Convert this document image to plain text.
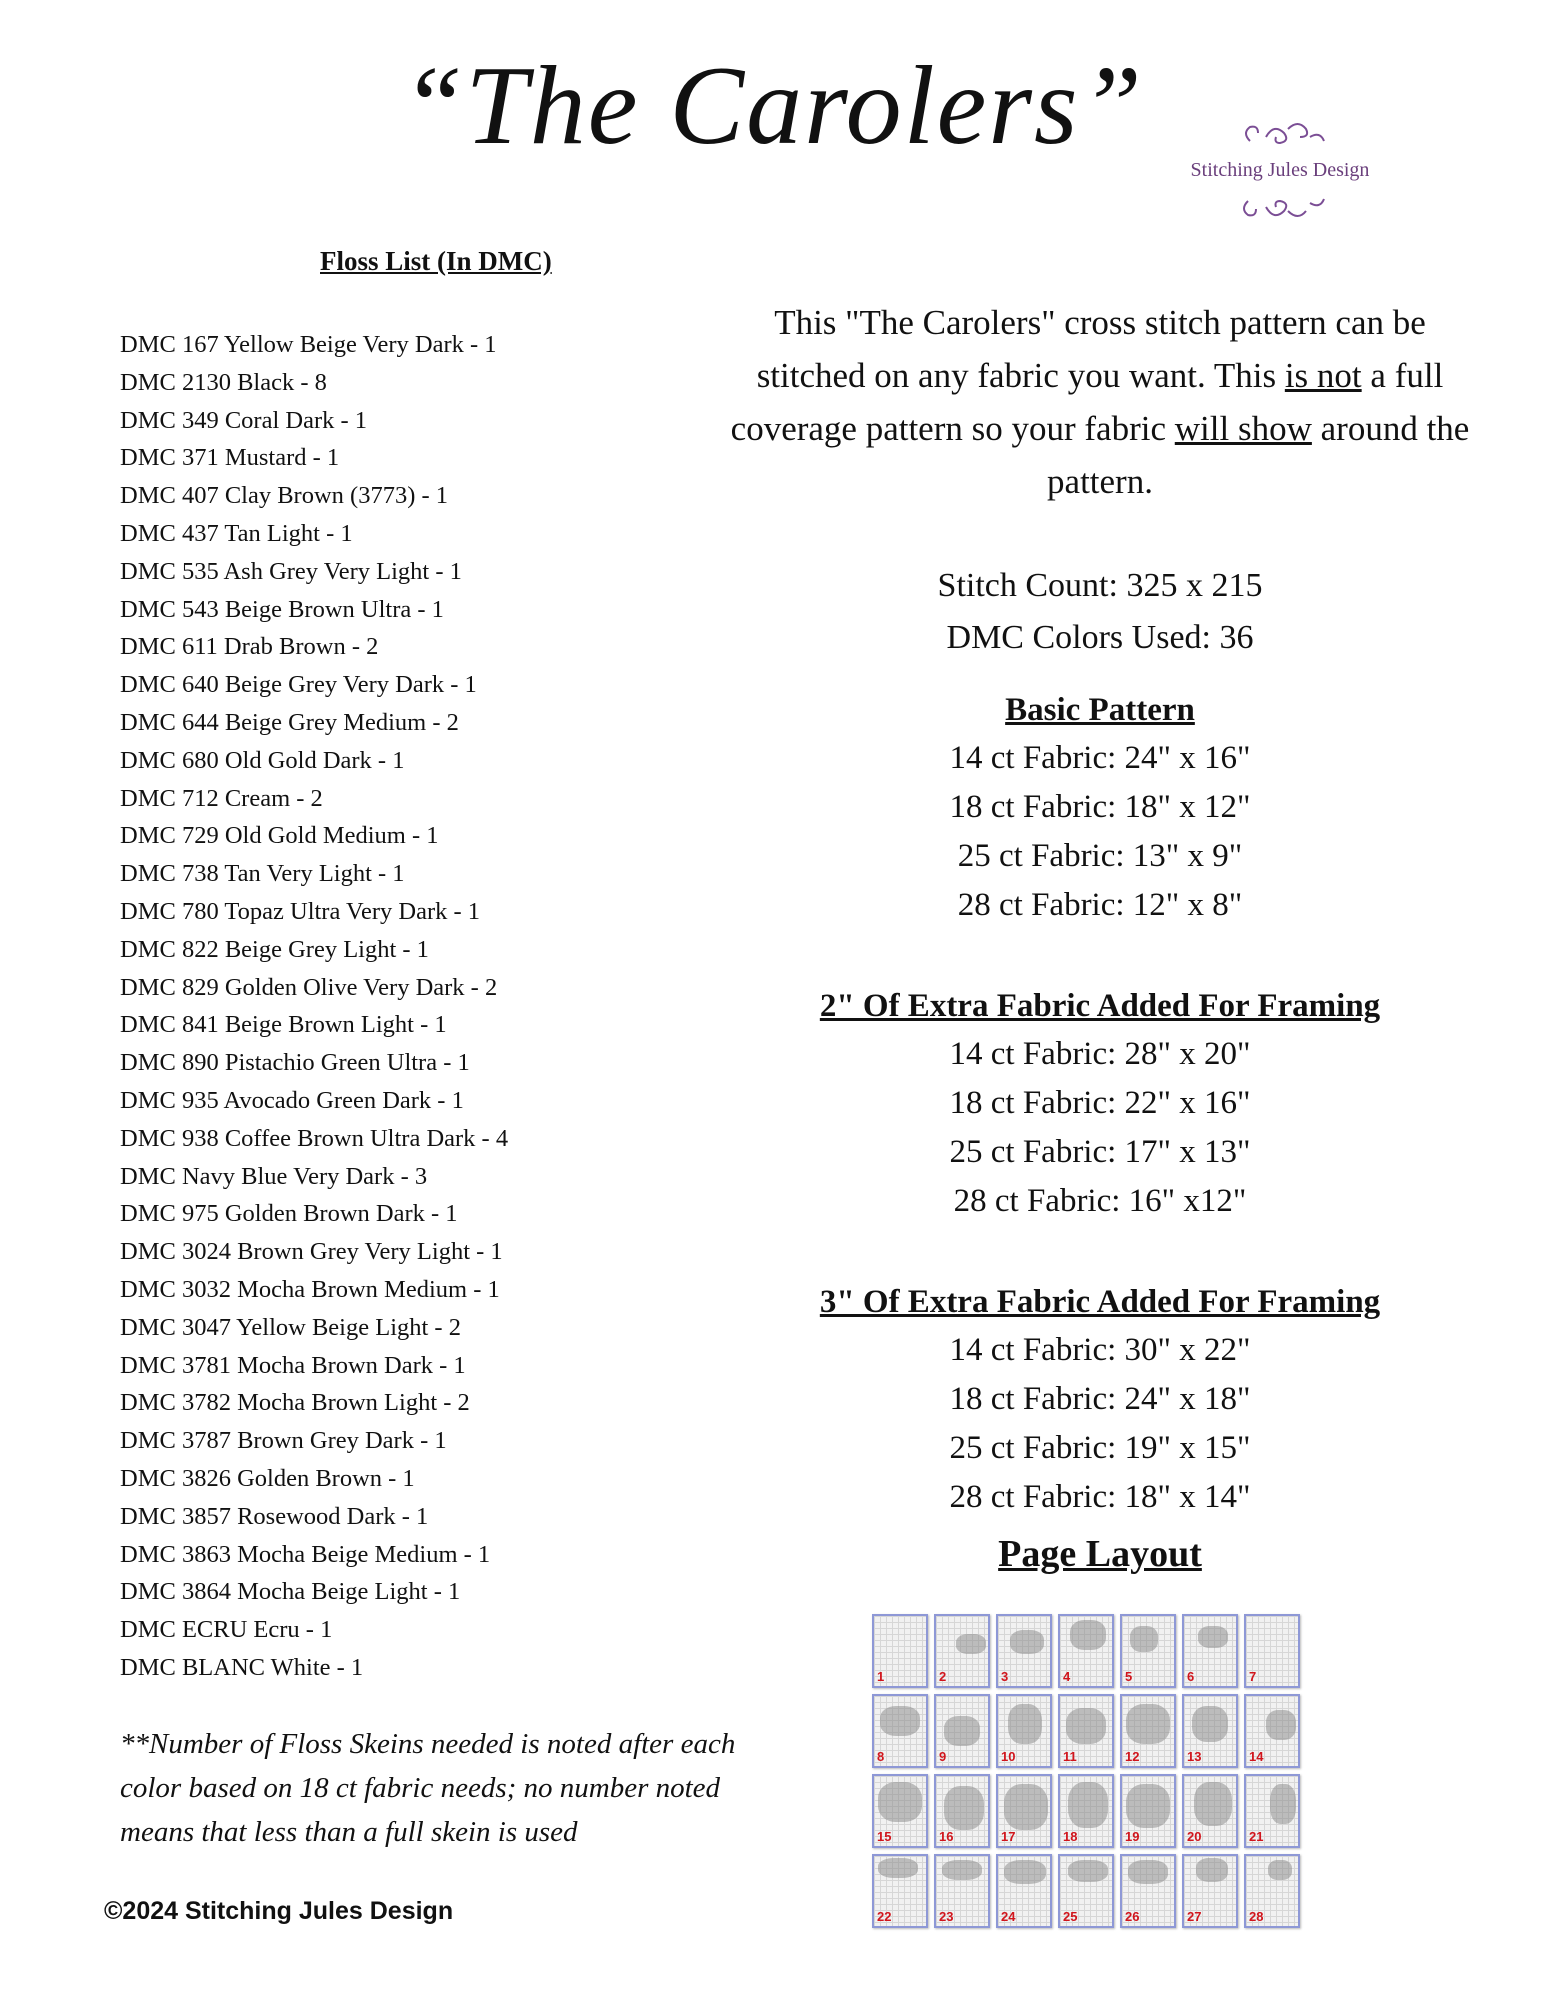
“The Carolers”
Stitching Jules Design
Floss List (In DMC)
DMC 167 Yellow Beige Very Dark - 1
DMC 2130 Black - 8
DMC 349 Coral Dark - 1
DMC 371 Mustard - 1
DMC 407 Clay Brown (3773) - 1
DMC 437 Tan Light - 1
DMC 535 Ash Grey Very Light - 1
DMC 543 Beige Brown Ultra - 1
DMC 611 Drab Brown - 2
DMC 640 Beige Grey Very Dark - 1
DMC 644 Beige Grey Medium - 2
DMC 680 Old Gold Dark - 1
DMC 712 Cream - 2
DMC 729 Old Gold Medium - 1
DMC 738 Tan Very Light - 1
DMC 780 Topaz Ultra Very Dark - 1
DMC 822 Beige Grey Light - 1
DMC 829 Golden Olive Very Dark - 2
DMC 841 Beige Brown Light - 1
DMC 890 Pistachio Green Ultra - 1
DMC 935 Avocado Green Dark - 1
DMC 938 Coffee Brown Ultra Dark - 4
DMC Navy Blue Very Dark - 3
DMC 975 Golden Brown Dark - 1
DMC 3024 Brown Grey Very Light - 1
DMC 3032 Mocha Brown Medium - 1
DMC 3047 Yellow Beige Light - 2
DMC 3781 Mocha Brown Dark - 1
DMC 3782 Mocha Brown Light - 2
DMC 3787 Brown Grey Dark - 1
DMC 3826 Golden Brown - 1
DMC 3857 Rosewood Dark - 1
DMC 3863 Mocha Beige Medium - 1
DMC 3864 Mocha Beige Light - 1
DMC ECRU Ecru - 1
DMC BLANC White - 1
**Number of Floss Skeins needed is noted after each color based on 18 ct fabric needs; no number noted means that less than a full skein is used
©2024 Stitching Jules Design
This "The Carolers" cross stitch pattern can be stitched on any fabric you want. This is not a full coverage pattern so your fabric will show around the pattern.
Stitch Count: 325 x 215
DMC Colors Used: 36
Basic Pattern
14 ct Fabric: 24" x 16"
18 ct Fabric: 18" x 12"
25 ct Fabric: 13" x 9"
28 ct Fabric: 12" x 8"
2" Of Extra Fabric Added For Framing
14 ct Fabric: 28" x 20"
18 ct Fabric: 22" x 16"
25 ct Fabric: 17" x 13"
28 ct Fabric: 16" x12"
3" Of Extra Fabric Added For Framing
14 ct Fabric: 30" x 22"
18 ct Fabric: 24" x 18"
25 ct Fabric: 19" x 15"
28 ct Fabric: 18" x 14"
Page Layout
1	2	3	4	5	6	7
8	9	10	11	12	13	14
15	16	17	18	19	20	21
22	23	24	25	26	27	28
